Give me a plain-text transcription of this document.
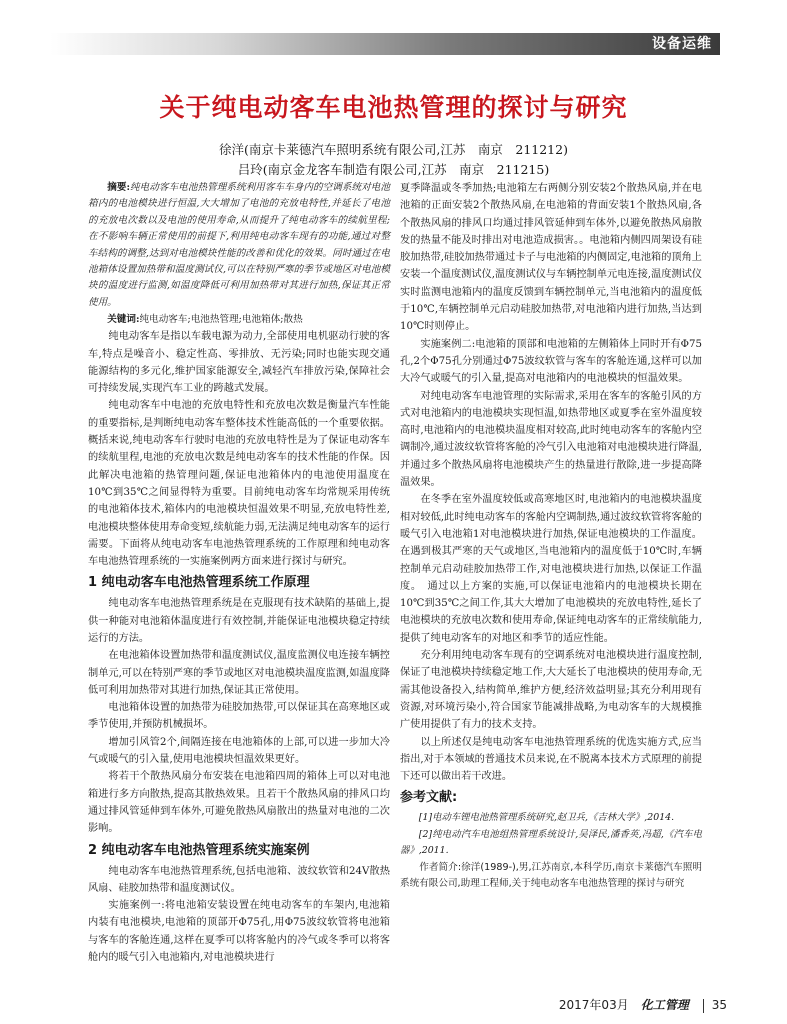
设备运维
关于纯电动客车电池热管理的探讨与研究
徐洋(南京卡莱德汽车照明系统有限公司,江苏　南京　211212)
吕玲(南京金龙客车制造有限公司,江苏　南京　211215)

摘要:纯电动客车电池热管理系统利用客车车身内的空调系统对电池箱内的电池模块进行恒温,大大增加了电池的充放电特性,并延长了电池的充放电次数以及电池的使用寿命,从而提升了纯电动客车的续航里程;在不影响车辆正常使用的前提下,利用纯电动客车现有的功能,通过对整车结构的调整,达到对电池模块性能的改善和优化的效果。同时通过在电池箱体设置加热带和温度测试仪,可以在特别严寒的季节或地区对电池模块的温度进行监测,如温度降低可利用加热带对其进行加热,保证其正常使用。

关键词:纯电动客车;电池热管理;电池箱体;散热

纯电动客车是指以车载电源为动力,全部使用电机驱动行驶的客车,特点是噪音小、稳定性高、零排放、无污染;同时也能实现交通能源结构的多元化,维护国家能源安全,减轻汽车排放污染,保障社会可持续发展,实现汽车工业的跨越式发展。

纯电动客车中电池的充放电特性和充放电次数是衡量汽车性能的重要指标,是判断纯电动客车整体技术性能高低的一个重要依据。概括来说,纯电动客车行驶时电池的充放电特性是为了保证电动客车的续航里程,电池的充放电次数是纯电动客车的技术性能的作保。因此解决电池箱的热管理问题,保证电池箱体内的电池使用温度在10℃到35℃之间显得特为重要。目前纯电动客车均常规采用传统的电池箱体技术,箱体内的电池模块恒温效果不明显,充放电特性差,电池模块整体使用寿命变短,续航能力弱,无法满足纯电动客车的运行需要。下面将从纯电动客车电池热管理系统的工作原理和纯电动客车电池热管理系统的一实施案例两方面来进行探讨与研究。

1 纯电动客车电池热管理系统工作原理

纯电动客车电池热管理系统是在克服现有技术缺陷的基础上,提供一种能对电池箱体温度进行有效控制,并能保证电池模块稳定持续运行的方法。

在电池箱体设置加热带和温度测试仪,温度监测仪电连接车辆控制单元,可以在特别严寒的季节或地区对电池模块温度监测,如温度降低可利用加热带对其进行加热,保证其正常使用。

电池箱体设置的加热带为硅胶加热带,可以保证其在高寒地区或季节使用,并预防机械损坏。

增加引风管2个,间隔连接在电池箱体的上部,可以进一步加大冷气或暖气的引入量,使用电池模块恒温效果更好。

将若干个散热风扇分布安装在电池箱四周的箱体上可以对电池箱进行多方向散热,提高其散热效果。且若干个散热风扇的排风口均通过排风管延伸到车体外,可避免散热风扇散出的热量对电池的二次影响。

2 纯电动客车电池热管理系统实施案例

纯电动客车电池热管理系统,包括电池箱、波纹软管和24V散热风扇、硅胶加热带和温度测试仪。

实施案例一:将电池箱安装设置在纯电动客车的车架内,电池箱内装有电池模块,电池箱的顶部开Φ75孔,用Φ75波纹软管将电池箱与客车的客舱连通,这样在夏季可以将客舱内的冷气或冬季可以将客舱内的暖气引入电池箱内,对电池模块进行

夏季降温或冬季加热;电池箱左右两侧分别安装2个散热风扇,并在电池箱的正面安装2个散热风扇,在电池箱的背面安装1个散热风扇,各个散热风扇的排风口均通过排风管延伸到车体外,以避免散热风扇散发的热量不能及时排出对电池造成损害。。电池箱内侧四周架设有硅胶加热带,硅胶加热带通过卡子与电池箱的内侧固定,电池箱的顶角上安装一个温度测试仪,温度测试仪与车辆控制单元电连接,温度测试仪实时监测电池箱内的温度反馈到车辆控制单元,当电池箱内的温度低于10℃,车辆控制单元启动硅胶加热带,对电池箱内进行加热,当达到10℃时则停止。

实施案例二:电池箱的顶部和电池箱的左侧箱体上同时开有Φ75孔,2个Φ75孔分别通过Φ75波纹软管与客车的客舱连通,这样可以加大冷气或暖气的引入量,提高对电池箱内的电池模块的恒温效果。

对纯电动客车电池管理的实际需求,采用在客车的客舱引风的方式对电池箱内的电池模块实现恒温,如热带地区或夏季在室外温度较高时,电池箱内的电池模块温度相对较高,此时纯电动客车的客舱内空调制冷,通过波纹软管将客舱的冷气引入电池箱对电池模块进行降温,并通过多个散热风扇将电池模块产生的热量进行散除,进一步提高降温效果。

在冬季在室外温度较低或高寒地区时,电池箱内的电池模块温度相对较低,此时纯电动客车的客舱内空调制热,通过波纹软管将客舱的暖气引入电池箱1对电池模块进行加热,保证电池模块的工作温度。在遇到极其严寒的天气或地区,当电池箱内的温度低于10℃时,车辆控制单元启动硅胶加热带工作,对电池模块进行加热,以保证工作温度。　通过以上方案的实施,可以保证电池箱内的电池模块长期在10℃到35℃之间工作,其大大增加了电池模块的充放电特性,延长了电池模块的充放电次数和使用寿命,保证纯电动客车的正常续航能力,提供了纯电动客车的对地区和季节的适应性能。

充分利用纯电动客车现有的空调系统对电池模块进行温度控制,保证了电池模块持续稳定地工作,大大延长了电池模块的使用寿命,无需其他设备投入,结构简单,维护方便,经济效益明显;其充分利用现有资源,对环境污染小,符合国家节能减排战略,为电动客车的大规模推广使用提供了有力的技术支持。

以上所述仅是纯电动客车电池热管理系统的优选实施方式,应当指出,对于本领域的普通技术员来说,在不脱离本技术方式原理的前提下还可以做出若干改进。

参考文献:

[1]电动车锂电池热管理系统研究,赵卫兵,《吉林大学》,2014.

[2]纯电动汽车电池组热管理系统设计,吴泽民,潘香英,冯超,《汽车电器》,2011.

作者简介:徐洋(1989-),男,江苏南京,本科学历,南京卡莱德汽车照明系统有限公司,助理工程师,关于纯电动客车电池热管理的探讨与研究

2017年03月 化工管理 35
